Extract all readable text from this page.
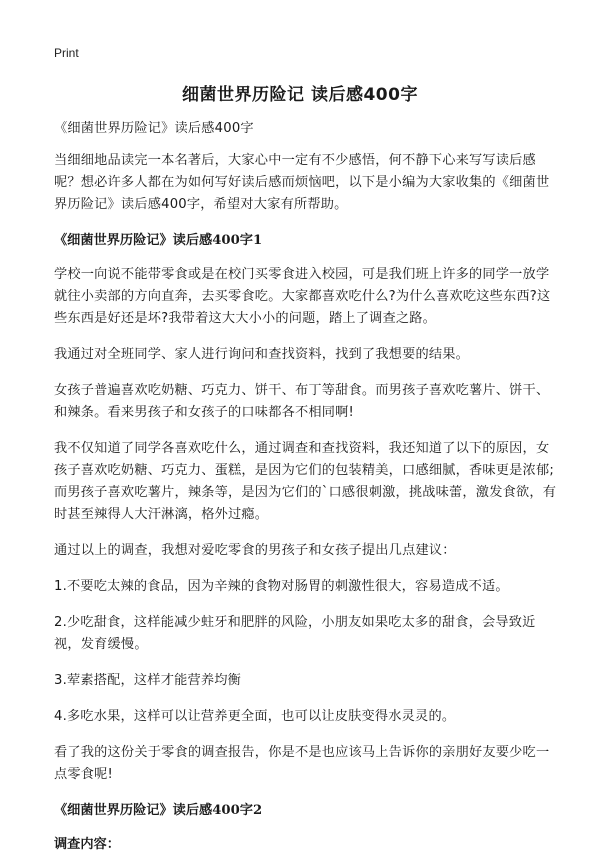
Print
细菌世界历险记 读后感400字

《细菌世界历险记》读后感400字

当细细地品读完一本名著后，大家心中一定有不少感悟，何不静下心来写写读后感呢？想必许多人都在为如何写好读后感而烦恼吧，以下是小编为大家收集的《细菌世界历险记》读后感400字，希望对大家有所帮助。

《细菌世界历险记》读后感400字1

学校一向说不能带零食或是在校门买零食进入校园，可是我们班上许多的同学一放学就往小卖部的方向直奔，去买零食吃。大家都喜欢吃什么?为什么喜欢吃这些东西?这些东西是好还是坏?我带着这大大小小的问题，踏上了调查之路。

我通过对全班同学、家人进行询问和查找资料，找到了我想要的结果。

女孩子普遍喜欢吃奶糖、巧克力、饼干、布丁等甜食。而男孩子喜欢吃薯片、饼干、和辣条。看来男孩子和女孩子的口味都各不相同啊!

我不仅知道了同学各喜欢吃什么，通过调查和查找资料，我还知道了以下的原因，女孩子喜欢吃奶糖、巧克力、蛋糕，是因为它们的包装精美，口感细腻，香味更是浓郁;而男孩子喜欢吃薯片，辣条等，是因为它们的`口感很刺激，挑战味蕾，激发食欲，有时甚至辣得人大汗淋漓，格外过瘾。

通过以上的调查，我想对爱吃零食的男孩子和女孩子提出几点建议：

1.不要吃太辣的食品，因为辛辣的食物对肠胃的刺激性很大，容易造成不适。

2.少吃甜食，这样能减少蛀牙和肥胖的风险，小朋友如果吃太多的甜食，会导致近视，发育缓慢。

3.荤素搭配，这样才能营养均衡

4.多吃水果，这样可以让营养更全面，也可以让皮肤变得水灵灵的。

看了我的这份关于零食的调查报告，你是不是也应该马上告诉你的亲朋好友要少吃一点零食呢!

《细菌世界历险记》读后感400字2
调查内容：
